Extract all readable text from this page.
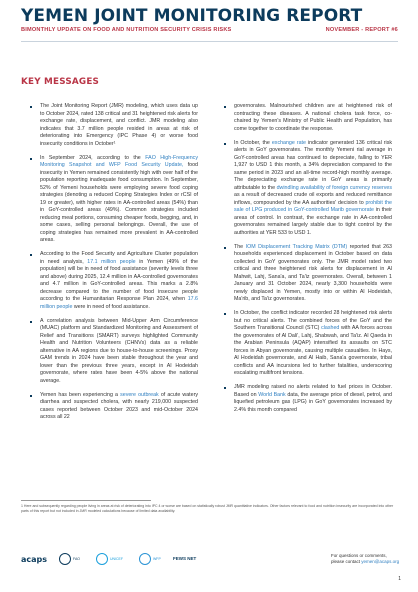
YEMEN JOINT MONITORING REPORT
BIMONTHLY UPDATE ON FOOD AND NUTRITION SECURITY CRISIS RISKS	NOVEMBER - REPORT #6
KEY MESSAGES

The Joint Monitoring Report (JMR) modeling, which uses data up to October 2024, rated 138 critical and 31 heightened risk alerts for exchange rate, displacement, and conflict. JMR modeling also indicates that 3.7 million people resided in areas at risk of deteriorating into Emergency (IPC Phase 4) or worse food insecurity conditions in October¹

In September 2024, according to the FAO High-Frequency Monitoring Snapshot and WFP Food Security Update, food insecurity in Yemen remained consistently high with over half of the population reporting inadequate food consumption. In September, 52% of Yemeni households were employing severe food coping strategies (denoting a reduced Coping Strategies Index or rCSI of 19 or greater), with higher rates in AA-controlled areas (54%) than in GoY-controlled areas (49%). Common strategies included reducing meal portions, consuming cheaper foods, begging, and, in some cases, selling personal belongings. Overall, the use of coping strategies has remained more prevalent in AA-controlled areas.

According to the Food Security and Agriculture Cluster population in need analysis, 17.1 million people in Yemen (49% of the population) will be in need of food assistance (severity levels three and above) during 2025, 12.4 million in AA-controlled governorates and 4.7 million in GoY-controlled areas. This marks a 2.8% decrease compared to the number of food insecure people according to the Humanitarian Response Plan 2024, when 17.6 million people were in need of food assistance.

A correlation analysis between Mid-Upper Arm Circumference (MUAC) platform and Standardized Monitoring and Assessment of Relief and Transitions (SMART) surveys highlighted Community Health and Nutrition Volunteers (CHNVs) data as a reliable alternative in AA regions due to house-to-house screenings. Proxy GAM trends in 2024 have been stable throughout the year and lower than the previous three years, except in Al Hodeidah governorate, where rates have been 4-5% above the national average.

Yemen has been experiencing a severe outbreak of acute watery diarrhea and suspected cholera, with nearly 219,000 suspected cases reported between October 2023 and mid-October 2024 across all 22

governorates. Malnourished children are at heightened risk of contracting these diseases. A national cholera task force, co-chaired by Yemen's Ministry of Public Health and Population, has come together to coordinate the response.

In October, the exchange rate indicator generated 136 critical risk alerts in GoY governorates. The monthly Yemeni rial average in GoY-controlled areas has continued to depreciate, falling to YER 1,927 to USD 1 this month, a 34% depreciation compared to the same period in 2023 and an all-time record-high monthly average. The depreciating exchange rate in GoY areas is primarily attributable to the dwindling availability of foreign currency reserves as a result of decreased crude oil exports and reduced remittance inflows, compounded by the AA authorities' decision to prohibit the sale of LPG produced in GoY-controlled Marib governorate in their areas of control. In contrast, the exchange rate in AA-controlled governorates remained largely stable due to tight control by the authorities at YER 533 to USD 1.

The IOM Displacement Tracking Matrix (DTM) reported that 263 households experienced displacement in October based on data collected in GoY governorates only. The JMR model rated two critical and three heightened risk alerts for displacement in Al Mahwit, Lahj, Sana'a, and Ta'iz governorates. Overall, between 1 January and 31 October 2024, nearly 3,300 households were newly displaced in Yemen, mostly into or within Al Hodeidah, Ma'rib, and Ta'iz governorates.

In October, the conflict indicator recorded 28 heightened risk alerts but no critical alerts. The combined forces of the GoY and the Southern Transitional Council (STC) clashed with AA forces across the governorates of Al Dali', Lahj, Shabwah, and Ta'iz. Al Qaeda in the Arabian Peninsula (AQAP) intensified its assaults on STC forces in Abyan governorate, causing multiple casualties. In Hays, Al Hodeidah governorate, and Al Haib, Sana'a governorate, tribal conflicts and AA incursions led to further fatalities, underscoring escalating multifront tensions.

JMR modeling raised no alerts related to fuel prices in October. Based on World Bank data, the average price of diesel, petrol, and liquefied petroleum gas (LPG) in GoY governorates increased by 2.4% this month compared

1 Here and subsequently regarding people living in areas at risk of deteriorating into IPC 4 or worse are based on statistically robust JMR quantitative indicators. Other factors relevant to food and nutrition insecurity are incorporated into other parts of this report but not included in JMR modeled calculations because of limited data availability.
acaps	FAO	UNICEF	WFP	FEWS NET
For questions or comments,
please contact yemen@acaps.org
1
